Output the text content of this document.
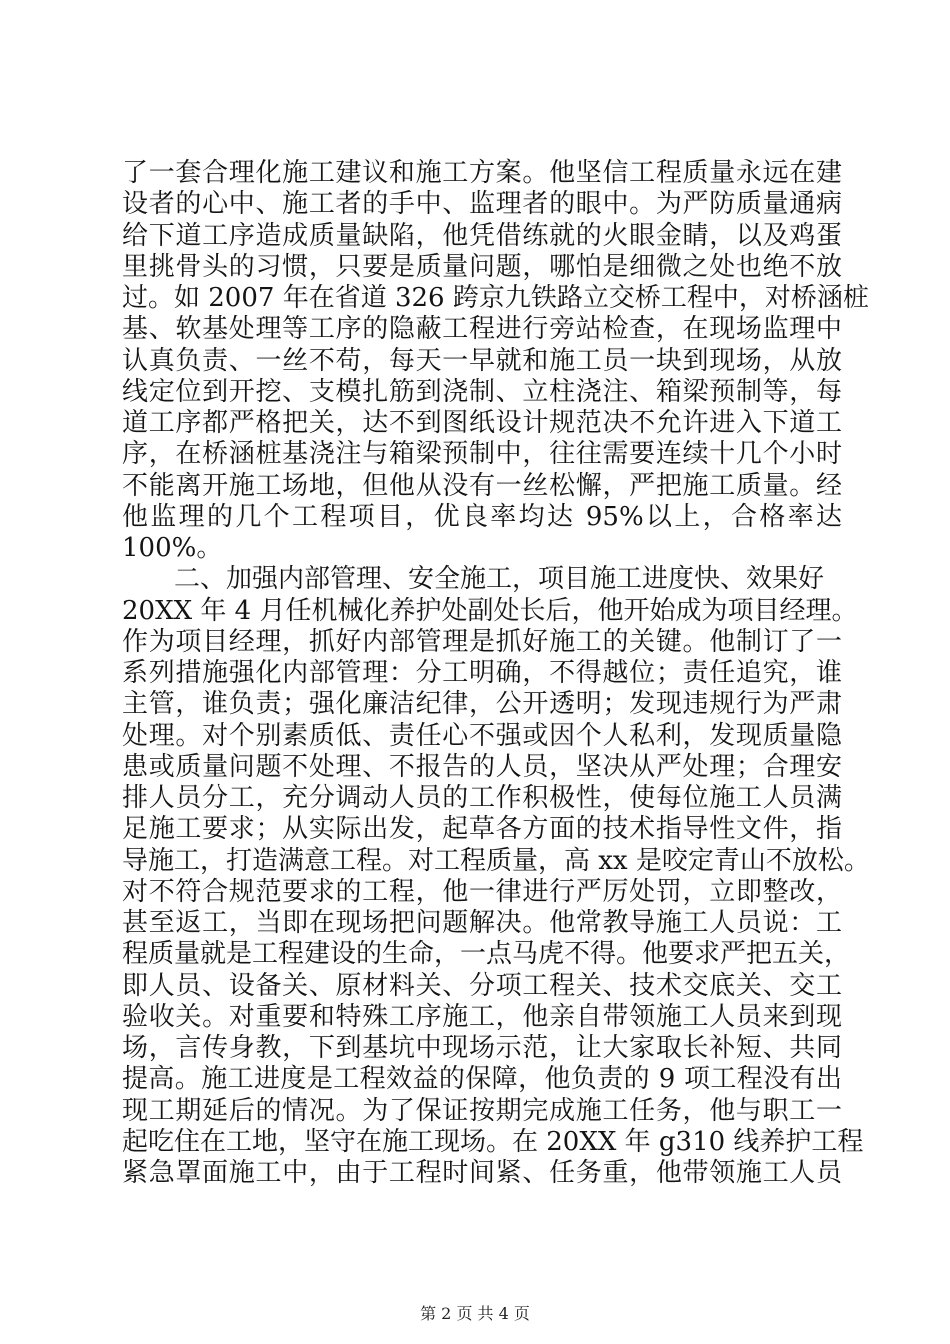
了一套合理化施工建议和施工方案。他坚信工程质量永远在建
设者的心中、施工者的手中、监理者的眼中。为严防质量通病
给下道工序造成质量缺陷，他凭借练就的火眼金睛，以及鸡蛋
里挑骨头的习惯，只要是质量问题，哪怕是细微之处也绝不放
过。如 2007 年在省道 326 跨京九铁路立交桥工程中，对桥涵桩
基、软基处理等工序的隐蔽工程进行旁站检查，在现场监理中
认真负责、一丝不苟，每天一早就和施工员一块到现场，从放
线定位到开挖、支模扎筋到浇制、立柱浇注、箱梁预制等，每
道工序都严格把关，达不到图纸设计规范决不允许进入下道工
序，在桥涵桩基浇注与箱梁预制中，往往需要连续十几个小时
不能离开施工场地，但他从没有一丝松懈，严把施工质量。经
他监理的几个工程项目，优良率均达 95%以上，合格率达
100%。
二、加强内部管理、安全施工，项目施工进度快、效果好
20XX 年 4 月任机械化养护处副处长后，他开始成为项目经理。
作为项目经理，抓好内部管理是抓好施工的关键。他制订了一
系列措施强化内部管理：分工明确，不得越位；责任追究，谁
主管，谁负责；强化廉洁纪律，公开透明；发现违规行为严肃
处理。对个别素质低、责任心不强或因个人私利，发现质量隐
患或质量问题不处理、不报告的人员，坚决从严处理；合理安
排人员分工，充分调动人员的工作积极性，使每位施工人员满
足施工要求；从实际出发，起草各方面的技术指导性文件，指
导施工，打造满意工程。对工程质量，高 xx 是咬定青山不放松。
对不符合规范要求的工程，他一律进行严厉处罚，立即整改，
甚至返工，当即在现场把问题解决。他常教导施工人员说：工
程质量就是工程建设的生命，一点马虎不得。他要求严把五关，
即人员、设备关、原材料关、分项工程关、技术交底关、交工
验收关。对重要和特殊工序施工，他亲自带领施工人员来到现
场，言传身教，下到基坑中现场示范，让大家取长补短、共同
提高。施工进度是工程效益的保障，他负责的 9 项工程没有出
现工期延后的情况。为了保证按期完成施工任务，他与职工一
起吃住在工地，坚守在施工现场。在 20XX 年 g310 线养护工程
紧急罩面施工中，由于工程时间紧、任务重，他带领施工人员
第 2 页 共 4 页
